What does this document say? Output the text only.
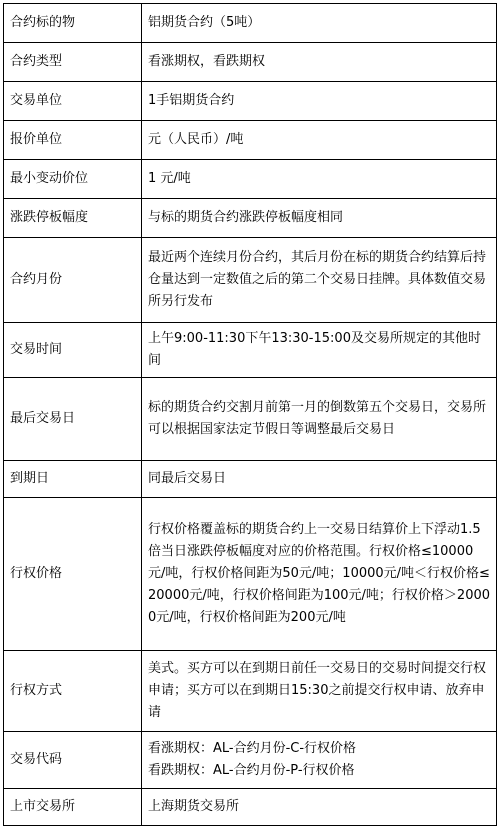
合约标的物	铝期货合约（5吨）
合约类型	看涨期权，看跌期权
交易单位	1手铝期货合约
报价单位	元（人民币）/吨
最小变动价位	1 元/吨
涨跌停板幅度	与标的期货合约涨跌停板幅度相同
合约月份	最近两个连续月份合约，其后月份在标的期货合约结算后持仓量达到一定数值之后的第二个交易日挂牌。具体数值交易所另行发布
交易时间	上午9:00-11:30下午13:30-15:00及交易所规定的其他时间
最后交易日	标的期货合约交割月前第一月的倒数第五个交易日，交易所可以根据国家法定节假日等调整最后交易日
到期日	同最后交易日
行权价格	行权价格覆盖标的期货合约上一交易日结算价上下浮动1.5倍当日涨跌停板幅度对应的价格范围。行权价格≤10000元/吨，行权价格间距为50元/吨；10000元/吨＜行权价格≤20000元/吨，行权价格间距为100元/吨；行权价格＞20000元/吨，行权价格间距为200元/吨
行权方式	美式。买方可以在到期日前任一交易日的交易时间提交行权申请；买方可以在到期日15:30之前提交行权申请、放弃申请
交易代码	看涨期权：AL-合约月份-C-行权价格
看跌期权：AL-合约月份-P-行权价格

上市交易所	上海期货交易所
